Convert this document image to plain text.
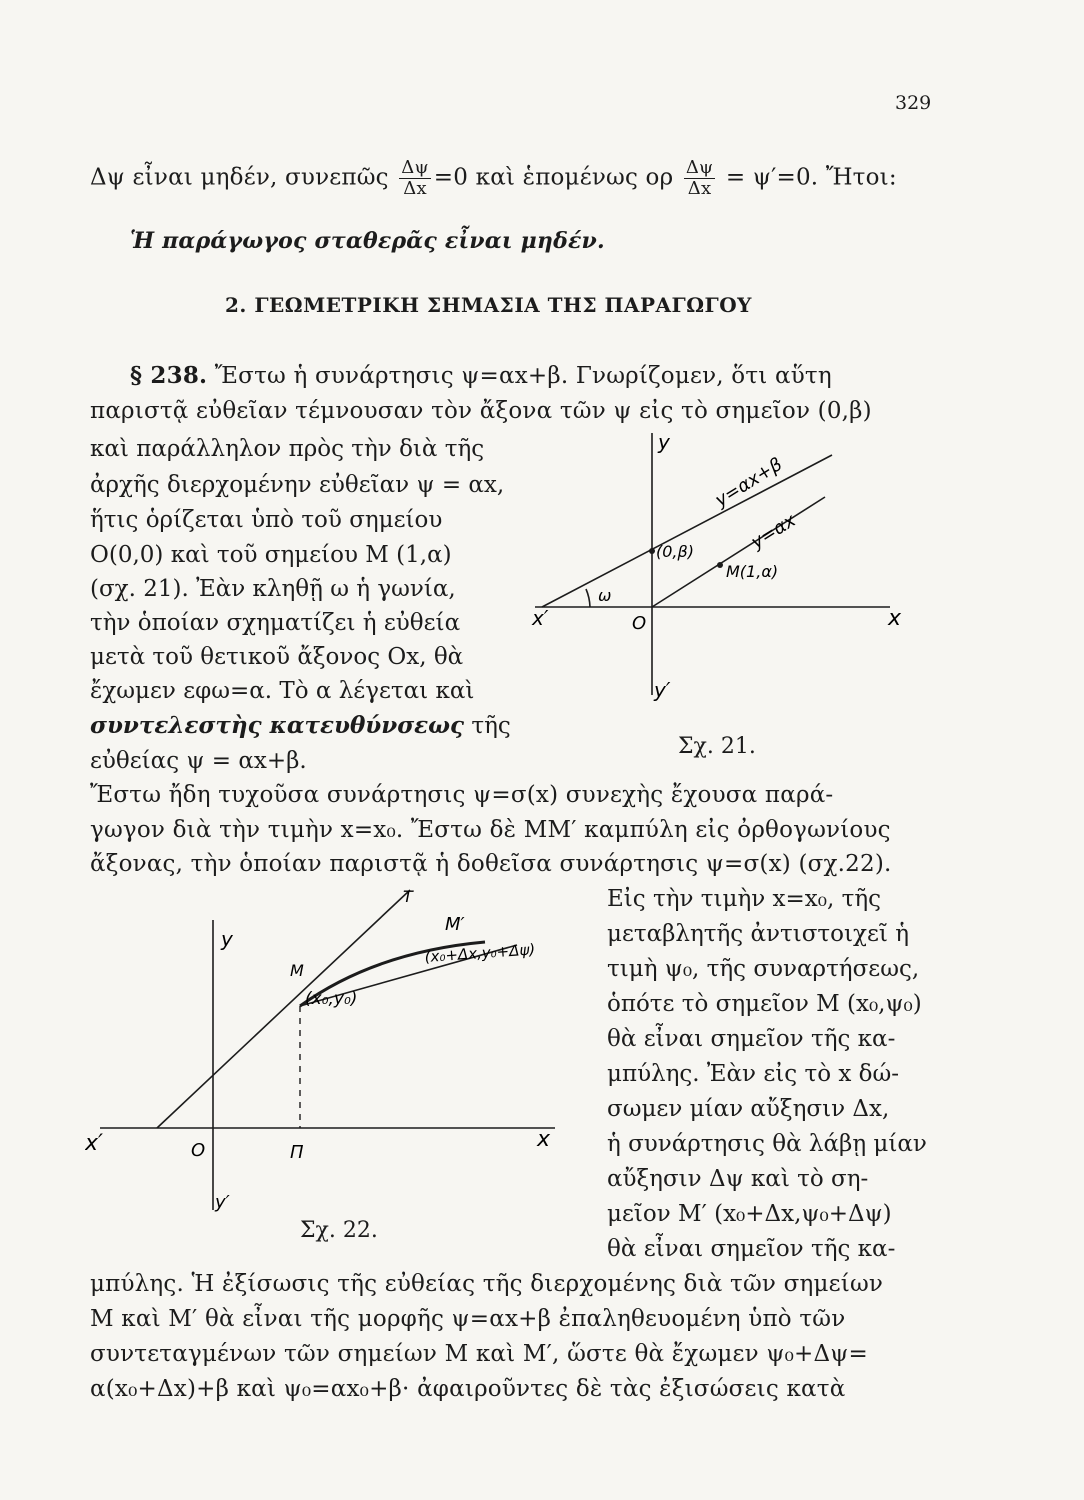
329
Δψ εἶναι μηδέν, συνεπῶς $\frac{\Delta\psi}{\Delta x} =0$ καὶ ἑπομένως ορ $\frac{\Delta\psi}{\Delta x} = \psi'=0$. Ἤτοι:
Ἡ παράγωγος σταθερᾶς εἶναι μηδέν.
2. ΓΕΩΜΕΤΡΙΚΗ ΣΗΜΑΣΙΑ ΤΗΣ ΠΑΡΑΓΩΓΟΥ
§ 238. Ἔστω ἡ συνάρτησις ψ=αx+β. Γνωρίζομεν, ὅτι αὕτη
παριστᾷ εὐθεῖαν τέμνουσαν τὸν ἄξονα τῶν ψ εἰς τὸ σημεῖον (0,β)
καὶ παράλληλον πρὸς τὴν διὰ τῆς
ἀρχῆς διερχομένην εὐθεῖαν ψ = αx,
ἥτις ὁρίζεται ὑπὸ τοῦ σημείου
Ο(0,0) καὶ τοῦ σημείου Μ (1,α)
(σχ. 21). Ἐὰν κληθῇ ω ἡ γωνία,
τὴν ὁποίαν σχηματίζει ἡ εὐθεία
μετὰ τοῦ θετικοῦ ἄξονος Ox, θὰ
ἔχωμεν εφω=α. Τὸ α λέγεται καὶ
συντελεστὴς κατευθύνσεως τῆς
εὐθείας ψ = αx+β.
y
y′
x
x′	O
y=αx+β
y=αx
(0,β)
M(1,α)
ω
Σχ. 21.
Ἔστω ἤδη τυχοῦσα συνάρτησις ψ=σ(x) συνεχὴς ἔχουσα παρά-
γωγον διὰ τὴν τιμὴν x=x₀. Ἔστω δὲ ΜΜ′ καμπύλη εἰς ὀρθογωνίους
ἄξονας, τὴν ὁποίαν παριστᾷ ἡ δοθεῖσα συνάρτησις ψ=σ(x) (σχ.22).
Εἰς τὴν τιμὴν x=x₀, τῆς
μεταβλητῆς ἀντιστοιχεῖ ἡ
τιμὴ ψ₀, τῆς συναρτήσεως,
ὁπότε τὸ σημεῖον Μ (x₀,ψ₀)
θὰ εἶναι σημεῖον τῆς κα-
μπύλης. Ἐὰν εἰς τὸ x δώ-
σωμεν μίαν αὔξησιν Δx,
ἡ συνάρτησις θὰ λάβῃ μίαν
αὔξησιν Δψ καὶ τὸ ση-
μεῖον Μ′ (x₀+Δx,ψ₀+Δψ)
θὰ εἶναι σημεῖον τῆς κα-
y
y′
x
x′	O	Π
T
M
M′
(x₀,y₀)
(x₀+Δx,y₀+Δψ)
Σχ. 22.
μπύλης. Ἡ ἐξίσωσις τῆς εὐθείας τῆς διερχομένης διὰ τῶν σημείων
Μ καὶ Μ′ θὰ εἶναι τῆς μορφῆς ψ=αx+β ἐπαληθευομένη ὑπὸ τῶν
συντεταγμένων τῶν σημείων Μ καὶ Μ′, ὥστε θὰ ἔχωμεν ψ₀+Δψ=
α(x₀+Δx)+β καὶ ψ₀=αx₀+β· ἀφαιροῦντες δὲ τὰς ἐξισώσεις κατὰ
